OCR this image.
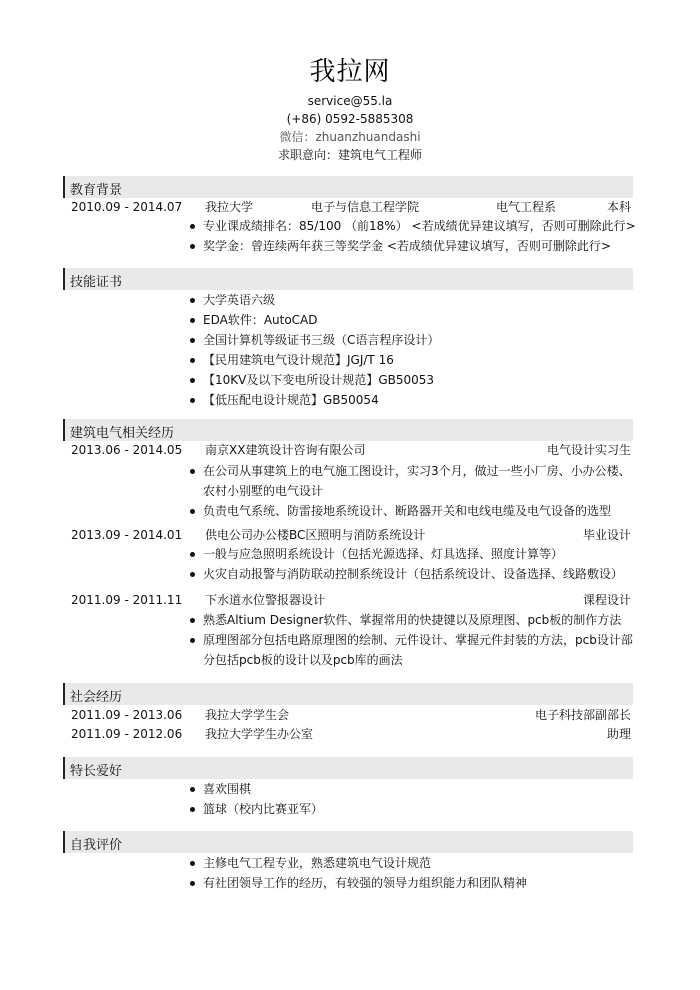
我拉网
service@55.la
(+86) 0592-5885308
微信：zhuanzhuandashi
求职意向：建筑电气工程师
教育背景
2010.09 - 2014.07 我拉大学	电子与信息工程学院	电气工程系	本科
专业课成绩排名：85/100 （前18%） <若成绩优异建议填写，否则可删除此行>
奖学金：曾连续两年获三等奖学金 <若成绩优异建议填写，否则可删除此行>
技能证书
大学英语六级
EDA软件：AutoCAD
全国计算机等级证书三级（C语言程序设计）
【民用建筑电气设计规范】JGJ/T 16
【10KV及以下变电所设计规范】GB50053
【低压配电设计规范】GB50054
建筑电气相关经历
2013.06 - 2014.05 南京XX建筑设计咨询有限公司	电气设计实习生
在公司从事建筑上的电气施工图设计，实习3个月，做过一些小厂房、小办公楼、农村小别墅的电气设计
负责电气系统、防雷接地系统设计、断路器开关和电线电缆及电气设备的选型
2013.09 - 2014.01 供电公司办公楼BC区照明与消防系统设计	毕业设计
一般与应急照明系统设计（包括光源选择、灯具选择、照度计算等）
火灾自动报警与消防联动控制系统设计（包括系统设计、设备选择、线路敷设）
2011.09 - 2011.11 下水道水位警报器设计	课程设计
熟悉Altium Designer软件、掌握常用的快捷键以及原理图、pcb板的制作方法
原理图部分包括电路原理图的绘制、元件设计、掌握元件封装的方法，pcb设计部分包括pcb板的设计以及pcb库的画法
社会经历
2011.09 - 2013.06 我拉大学学生会	电子科技部副部长
2011.09 - 2012.06 我拉大学学生办公室	助理
特长爱好
喜欢围棋
篮球（校内比赛亚军）
自我评价
主修电气工程专业，熟悉建筑电气设计规范
有社团领导工作的经历，有较强的领导力组织能力和团队精神
